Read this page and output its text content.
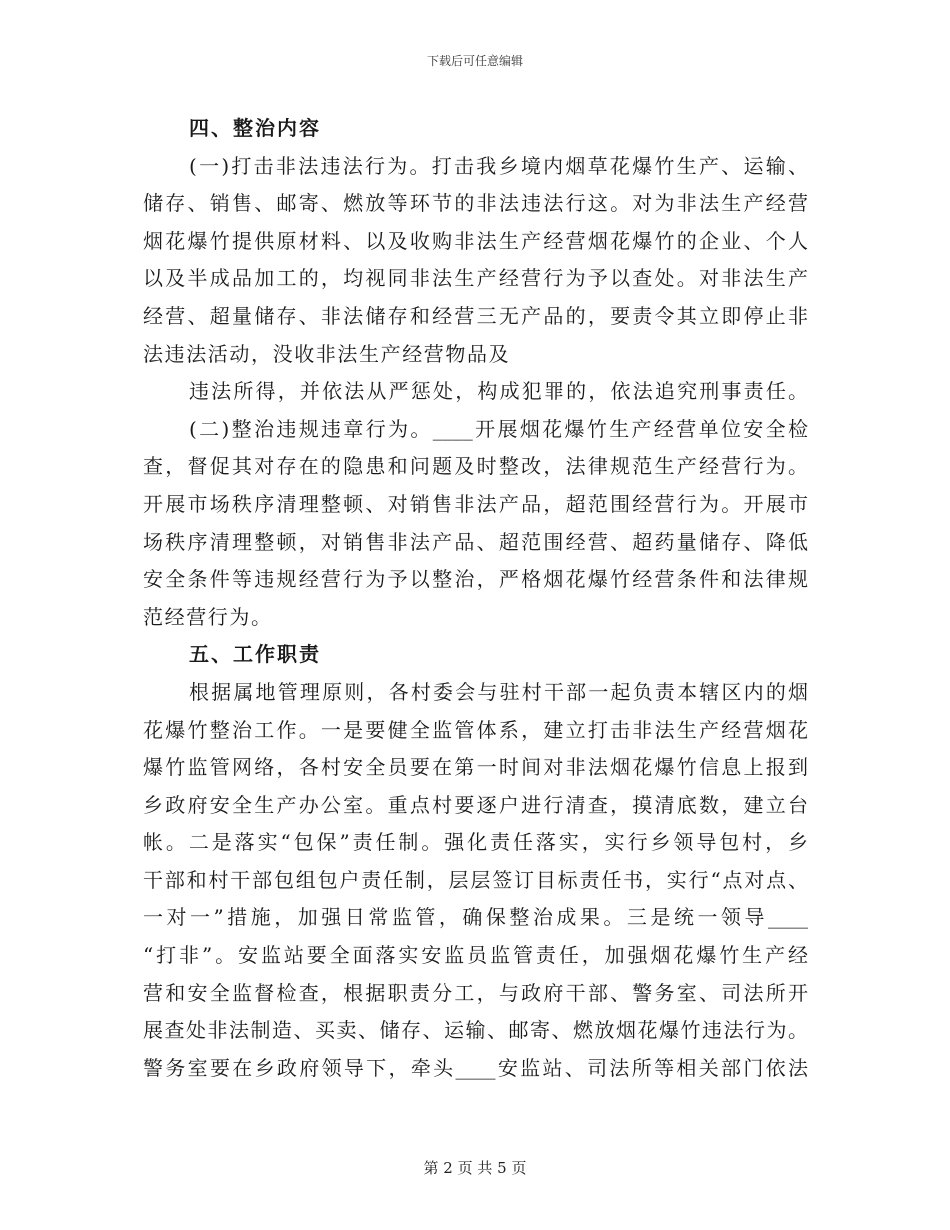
下载后可任意编辑
四、整治内容
(一)打击非法违法行为。打击我乡境内烟草花爆竹生产、运输、
储存、销售、邮寄、燃放等环节的非法违法行这。对为非法生产经营
烟花爆竹提供原材料、以及收购非法生产经营烟花爆竹的企业、个人
以及半成品加工的，均视同非法生产经营行为予以查处。对非法生产
经营、超量储存、非法储存和经营三无产品的，要责令其立即停止非
法违法活动，没收非法生产经营物品及
违法所得，并依法从严惩处，构成犯罪的，依法追究刑事责任。
(二)整治违规违章行为。____开展烟花爆竹生产经营单位安全检
查，督促其对存在的隐患和问题及时整改，法律规范生产经营行为。
开展市场秩序清理整顿、对销售非法产品，超范围经营行为。开展市
场秩序清理整顿，对销售非法产品、超范围经营、超药量储存、降低
安全条件等违规经营行为予以整治，严格烟花爆竹经营条件和法律规
范经营行为。
五、工作职责
根据属地管理原则，各村委会与驻村干部一起负责本辖区内的烟
花爆竹整治工作。一是要健全监管体系，建立打击非法生产经营烟花
爆竹监管网络，各村安全员要在第一时间对非法烟花爆竹信息上报到
乡政府安全生产办公室。重点村要逐户进行清查，摸清底数，建立台
帐。二是落实“包保”责任制。强化责任落实，实行乡领导包村，乡
干部和村干部包组包户责任制，层层签订目标责任书，实行“点对点、
一对一”措施，加强日常监管，确保整治成果。三是统一领导____
“打非”。安监站要全面落实安监员监管责任，加强烟花爆竹生产经
营和安全监督检查，根据职责分工，与政府干部、警务室、司法所开
展查处非法制造、买卖、储存、运输、邮寄、燃放烟花爆竹违法行为。
警务室要在乡政府领导下，牵头____安监站、司法所等相关部门依法
第 2 页 共 5 页
